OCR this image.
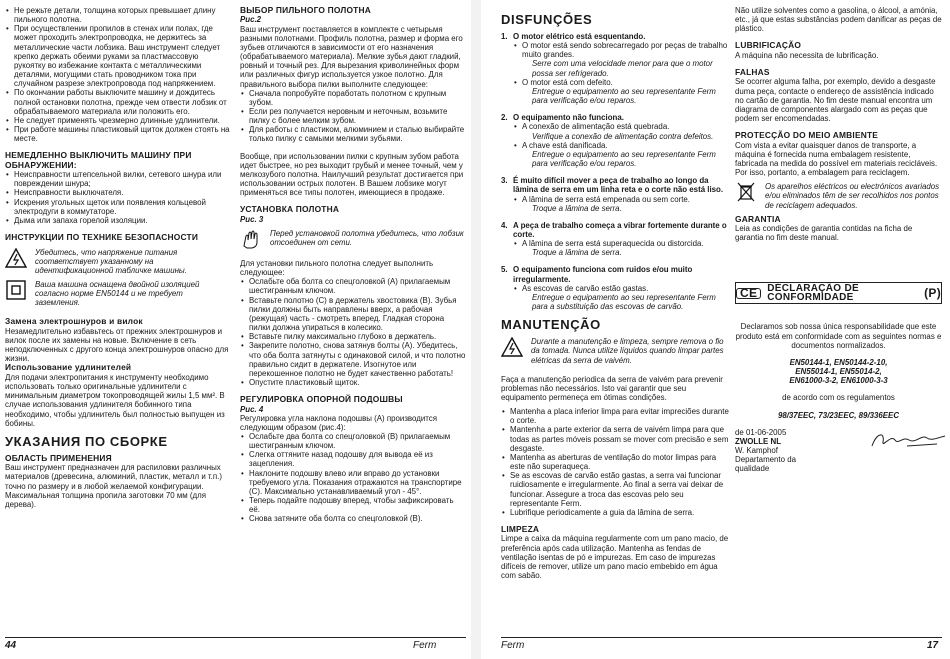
• Не режьте детали, толщина которых превышает длину пильного полотна.
• При осуществлении пропилов в стенах или полах, где может проходить электропроводка, не держитесь за металлические части лобзика. Ваш инструмент следует крепко держать обеими руками за пластмассовую рукоятку во избежание контакта с металлическими деталями, могущими стать проводником тока при случайном разрезе электропровода под напряжением.
• По окончании работы выключите машину и дождитесь полной остановки полотна, прежде чем отвести лобзик от обрабатываемого материала или положить его.
• Не следует применять чрезмерно длинные удлинители.
• При работе машины пластиковый щиток должен стоять на месте.

НЕМЕДЛЕННО ВЫКЛЮЧИТЬ МАШИНУ ПРИ ОБНАРУЖЕНИИ:

• Неисправности штепсельной вилки, сетевого шнура или повреждении шнура;
• Неисправности выключателя.
• Искрения угольных щеток или появления кольцевой электродуги в коммутаторе.
• Дымa или запаха горелой изоляции.

ИНСТРУКЦИИ ПО ТЕХНИКЕ БЕЗОПАСНОСТИ

Убедитесь, что напряжение питания соответствует указанному на идентификационной табличке машины.
Ваша машина оснащена двойной изоляцией согласно норме EN50144 и не требует заземления.

Замена электрошнуров и вилок

Незамедлительно избавьтесь от прежних электрошнуров и вилок после их замены на новые. Включение в сеть неподключенных с другого конца электрошнуров опасно для жизни.

Использование удлинителей

Для подачи электропитания к инструменту необходимо использовать только оригинальные удлинители с минимальным диаметром токопроводящей жилы 1,5 мм². В случае использования удлинителя бобинного типа необходимо, чтобы удлинитель был полностью выпущен из бобины.

УКАЗАНИЯ ПО СБОРКЕ

ОБЛАСТЬ ПРИМЕНЕНИЯ

Ваш инструмент предназначен для распиловки различных материалов (древесина, алюминий, пластик, металл и т.п.) точно по размеру и в любой желаемой конфигурации. Максимальная толщина пропила заготовки 70 мм (для дерева).

ВЫБОР ПИЛЬНОГО ПОЛОТНА

Рис.2

Ваш инструмент поставляется в комплекте с четырьмя разными полотнами. Профиль полотна, размер и форма его зубьев отличаются в зависимости от его назначения (обрабатываемого материала). Мелкие зубья дают гладкий, ровный и точный рез. Для вырезания криволинейных форм или различных фигур используется узкое полотно. Для правильного выбора пилки выполните следующее:

• Сначала попробуйте поработать полотном с крупным зубом.
• Если рез получается неровным и неточным, возьмите пилку с более мелким зубом.
• Для работы с пластиком, алюминием и сталью выбирайте только пилку с самыми мелкими зубьями.

Вообще, при использовании пилки с крупным зубом работа идет быстрее, но рез выходит грубый и менее точный, чем у мелкозубого полотна. Наилучший результат достигается при использовании острых полотен. В Вашем лобзике могут применяться все типы полотен, имеющиеся в продаже.

УСТАНОВКА ПОЛОТНА

Рис. 3

Перед установкой полотна убедитесь, что лобзик отсоединен от сети.

Для установки пильного полотна следует выполнить следующее:

• Ослабьте оба болта со спецголовкой (A) прилагаемым шестигранным ключом.
• Вставьте полотно (C) в держатель хвостовика (B). Зубья пилки должны быть направлены вверх, а рабочая (режущая) часть - смотреть вперед. Гладкая сторона пилки должна упираться в колесико.
• Вставьте пилку максимально глубоко в держатель.
• Закрепите полотно, снова затянув болты (A). Убедитесь, что оба болта затянуты с одинаковой силой, и что полотно правильно сидит в держателе. Изогнутое или перекошенное полотно не будет качественно работать!
• Опустите пластиковый щиток.

РЕГУЛИРОВКА ОПОРНОЙ ПОДОШВЫ

Рис. 4

Регулировка угла наклона подошвы (A) производится следующим образом (рис.4):

• Ослабьте два болта со спецголовкой (B) прилагаемым шестигранным ключом.
• Слегка оттяните назад подошву для вывода её из зацепления.
• Наклоните подошву влево или вправо до установки требуемого угла. Показания отражаются на транспортире (C). Максимально устанавливаемый угол - 45°.
• Теперь подайте подошву вперед, чтобы зафиксировать её.
• Снова затяните оба болта со спецголовкой (B).
44	Ferm

DISFUNÇÕES

1. O motor elétrico está esquentando.
• O motor está sendo sobrecarregado por peças de trabalho muito grandes.

Serre com uma velocidade menor para que o motor possa ser refrigerado.

• O motor está com defeito.

Entregue o equipamento ao seu representante Ferm para verificação e/ou reparos.

2. O equipamento não funciona.
• A conexão de alimentação está quebrada.

Verifique a conexão de alimentação contra defeitos.

• A chave está danificada.

Entregue o equipamento ao seu representante Ferm para verificação e/ou reparos.

3. É muito difícil mover a peça de trabalho ao longo da lâmina de serra em um linha reta e o corte não está liso.
• A lâmina de serra está empenada ou sem corte.

Troque a lâmina de serra.

4. A peça de trabalho começa a vibrar fortemente durante o corte.
• A lâmina de serra está superaquecida ou distorcida.

Troque a lâmina de serra.

5. O equipamento funciona com ruidos e/ou muito irregularmente.
• As escovas de carvão estão gastas.

Entregue o equipamento ao seu representante Ferm para a substituição das escovas de carvão.

MANUTENÇÃO

Durante a manutenção e limpeza, sempre remova o fio da tomada. Nunca utilize líquidos quando limpar partes elétricas da serra de vaivém.

Faça a manutenção periodica da serra de vaivém para prevenir problemas não necessários. Isto vai garantir que seu equipamento permeneça em ótimas condições.

• Mantenha a placa inferior limpa para evitar impreciões durante o corte.
• Mantenha a parte exterior da serra de vaivém limpa para que todas as partes móveis possam se mover com precisão e sem desgaste.
• Mantenha as aberturas de ventilação do motor limpas para este não superaqueça.
• Se as escovas de carvão estão gastas, a serra vai funcionar ruidiosamente e irregularmente. Ao final a serra vai deixar de funcionar. Assegure a troca das escovas pelo seu representante Ferm.
• Lubrifique periodicamente a guia da lâmina de serra.

LIMPEZA

Limpe a caixa da máquina regularmente com um pano macio, de preferência após cada utilização. Mantenha as fendas de ventilação isentas de pó e impurezas. Em caso de impurezas difíceis de remover, utilize um pano macio embebido em água com sabão.

Não utilize solventes como a gasolina, o álcool, a amónia, etc., já que estas substâncias podem danificar as peças de plástico.

LUBRIFICAÇÃO

A máquina não necessita de lubrificação.

FALHAS

Se ocorrer alguma falha, por exemplo, devido a desgaste duma peça, contacte o endereço de assistência indicado no cartão de garantia. No fim deste manual encontra um diagrama de componentes alargado com as peças que podem ser encomendadas.

PROTECÇÃO DO MEIO AMBIENTE

Com vista a evitar quaisquer danos de transporte, a máquina é fornecida numa embalagem resistente, fabricada na medida do possível em materiais recicláveis. Por isso, portanto, a embalagem para reciclagem.

Os aparelhos eléctricos ou electrónicos avariados e/ou eliminados têm de ser recolhidos nos pontos de reciclagem adequados.

GARANTIA

Leia as condições de garantia contidas na ficha de garantia no fim deste manual.

CE	DÉCLARAÇÃO DE CONFORMIDADE	(P)

Declaramos sob nossa única responsabilidade que este produto está em conformidade com as seguintes normas e documentos normalizados.

EN50144-1, EN50144-2-10,

EN55014-1, EN55014-2,

EN61000-3-2, EN61000-3-3

de acordo com os regulamentos

98/37EEC, 73/23EEC, 89/336EEC

de 01-06-2005

ZWOLLE NL

W. Kamphof

Departamento da qualidade

Ferm	17
